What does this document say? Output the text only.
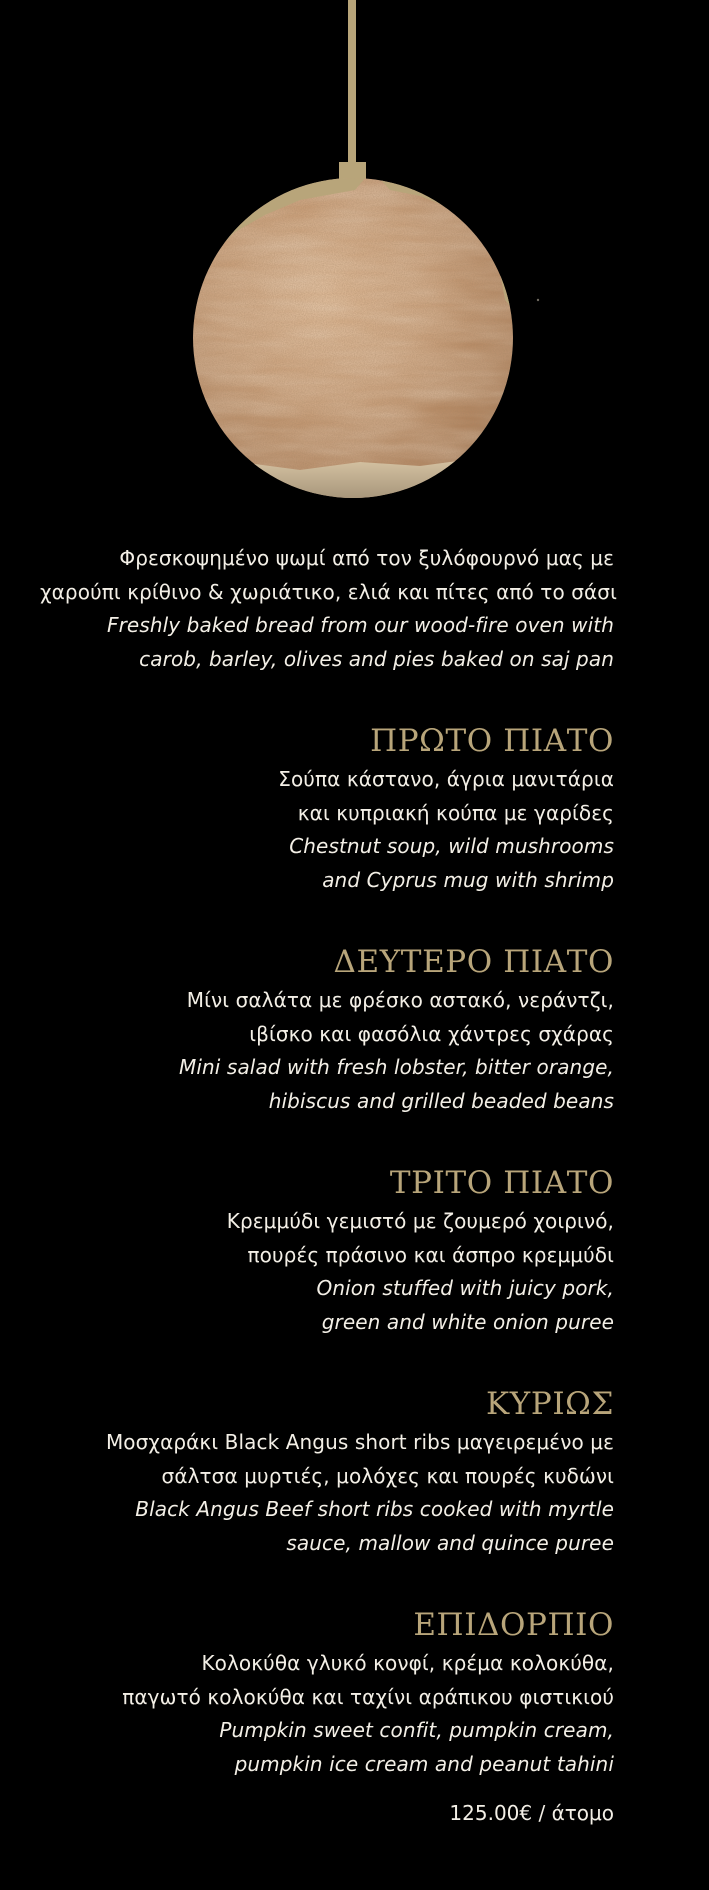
Φρεσκοψημένο ψωμί από τον ξυλόφουρνό μας με
χαρούπι κρίθινο & χωριάτικο, ελιά και πίτες από το σάσι
Freshly baked bread from our wood-fire oven with
carob, barley, olives and pies baked on saj pan
ΠΡΩΤΟ ΠΙΑΤΟ
Σούπα κάστανο, άγρια μανιτάρια
και κυπριακή κούπα με γαρίδες
Chestnut soup, wild mushrooms
and Cyprus mug with shrimp
ΔΕΥΤΕΡΟ ΠΙΑΤΟ
Μίνι σαλάτα με φρέσκο αστακό, νεράντζι,
ιβίσκο και φασόλια χάντρες σχάρας
Mini salad with fresh lobster, bitter orange,
hibiscus and grilled beaded beans
ΤΡΙΤΟ ΠΙΑΤΟ
Κρεμμύδι γεμιστό με ζουμερό χοιρινό,
πουρές πράσινο και άσπρο κρεμμύδι
Onion stuffed with juicy pork,
green and white onion puree
ΚΥΡΙΩΣ
Μοσχαράκι Black Angus short ribs μαγειρεμένο με
σάλτσα μυρτιές, μολόχες και πουρές κυδώνι
Black Angus Beef short ribs cooked with myrtle
sauce, mallow and quince puree
ΕΠΙΔΟΡΠΙΟ
Κολοκύθα γλυκό κονφί, κρέμα κολοκύθα,
παγωτό κολοκύθα και ταχίνι αράπικου φιστικιού
Pumpkin sweet confit, pumpkin cream,
pumpkin ice cream and peanut tahini
125.00€ / άτομο
